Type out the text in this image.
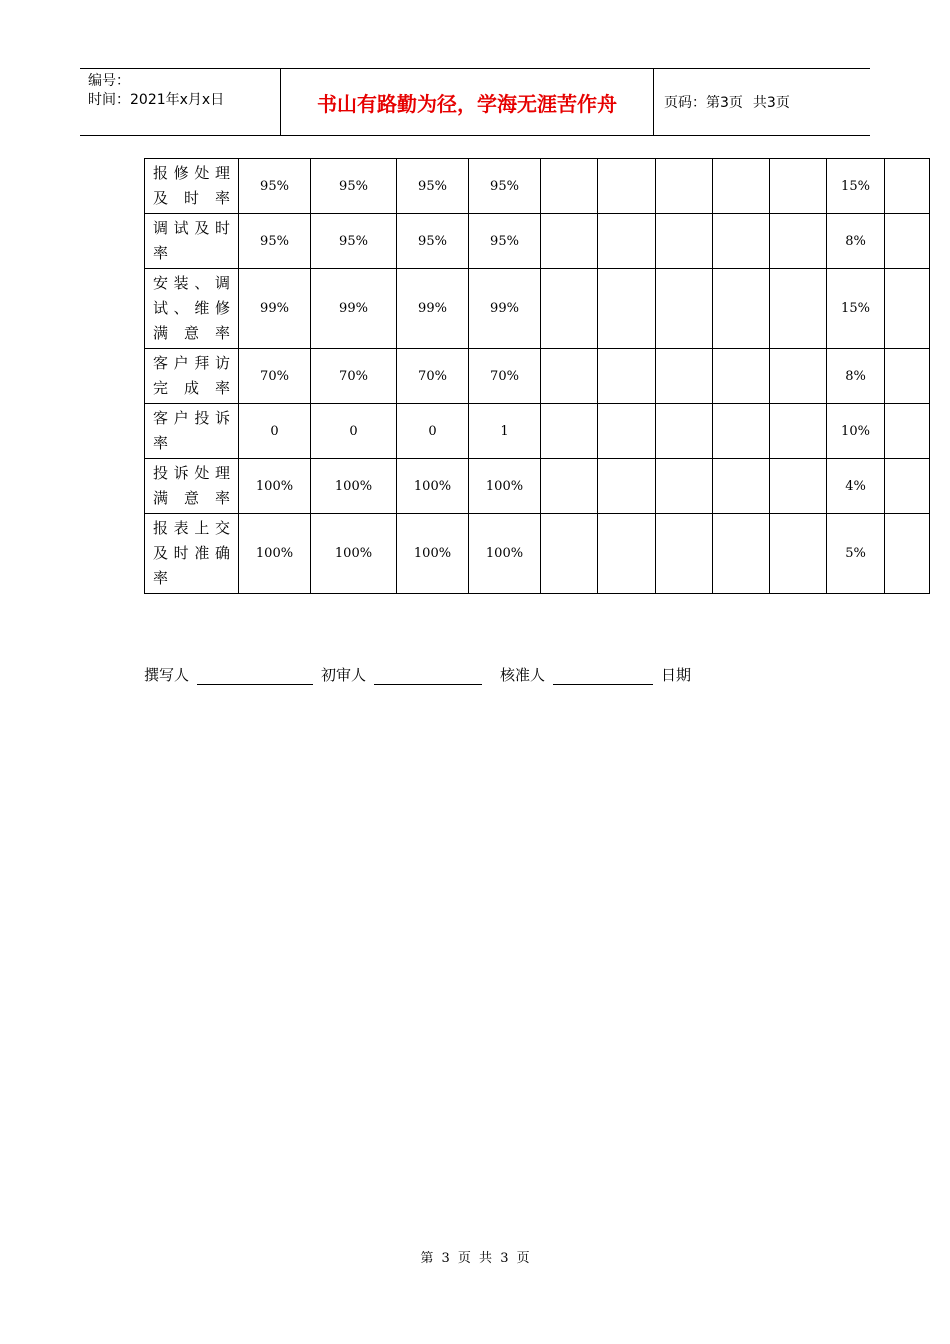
编号：
时间：2021年x月x日	书山有路勤为径，学海无涯苦作舟	页码：第3页 共3页
报修处理及时率	95%	95%	95%	95%						15%	
调试及时率	95%	95%	95%	95%						8%	
安装、调试、维修满意率	99%	99%	99%	99%						15%	
客户拜访完成率	70%	70%	70%	70%						8%	
客户投诉率	0	0	0	1						10%	
投诉处理满意率	100%	100%	100%	100%						4%	
报表上交及时准确率	100%	100%	100%	100%						5%	
撰写人	初审人	核准人	日期
第 3 页 共 3 页
